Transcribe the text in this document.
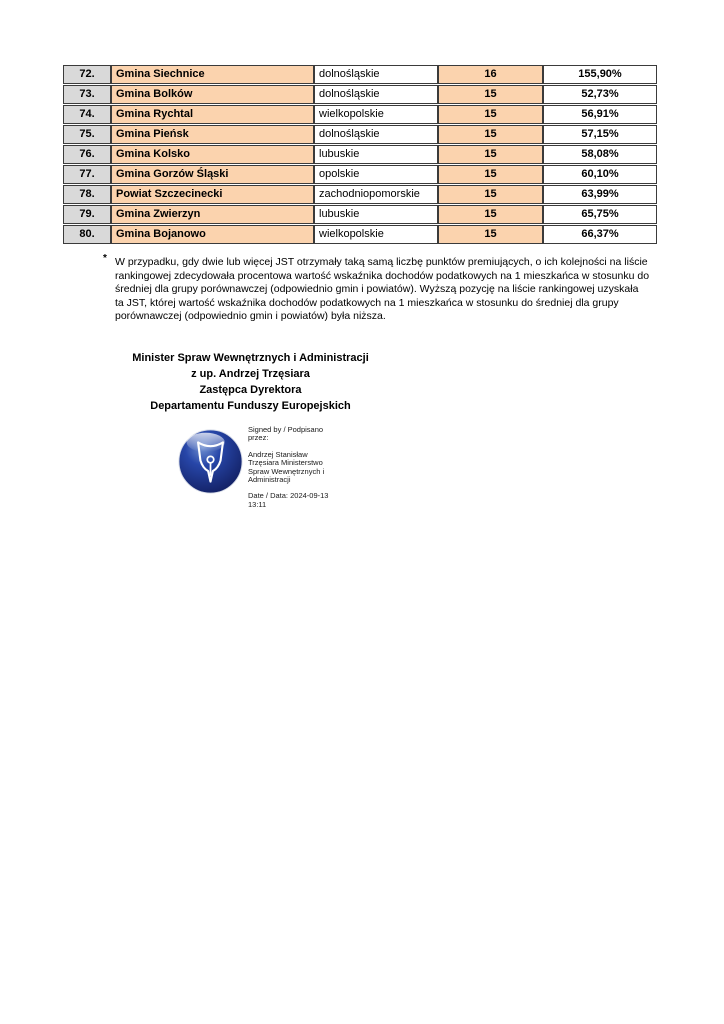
72.	Gmina Siechnice	dolnośląskie	16	155,90%
73.	Gmina Bolków	dolnośląskie	15	52,73%
74.	Gmina Rychtal	wielkopolskie	15	56,91%
75.	Gmina Pieńsk	dolnośląskie	15	57,15%
76.	Gmina Kolsko	lubuskie	15	58,08%
77.	Gmina Gorzów Śląski	opolskie	15	60,10%
78.	Powiat Szczecinecki	zachodniopomorskie	15	63,99%
79.	Gmina Zwierzyn	lubuskie	15	65,75%
80.	Gmina Bojanowo	wielkopolskie	15	66,37%
* W przypadku, gdy dwie lub więcej JST otrzymały taką samą liczbę punktów premiujących, o ich kolejności na liście rankingowej zdecydowała procentowa wartość wskaźnika dochodów podatkowych na 1 mieszkańca w stosunku do średniej dla grupy porównawczej (odpowiednio gmin i powiatów). Wyższą pozycję na liście rankingowej uzyskała ta JST, której wartość wskaźnika dochodów podatkowych na 1 mieszkańca w stosunku do średniej dla grupy porównawczej (odpowiednio gmin i powiatów) była niższa.
Minister Spraw Wewnętrznych i Administracji
z up. Andrzej Trzęsiara
Zastępca Dyrektora
Departamentu Funduszy Europejskich

Signed by / Podpisano przez:

Andrzej Stanisław Trzęsiara Ministerstwo Spraw Wewnętrznych i Administracji

Date / Data: 2024-09-13 13:11
